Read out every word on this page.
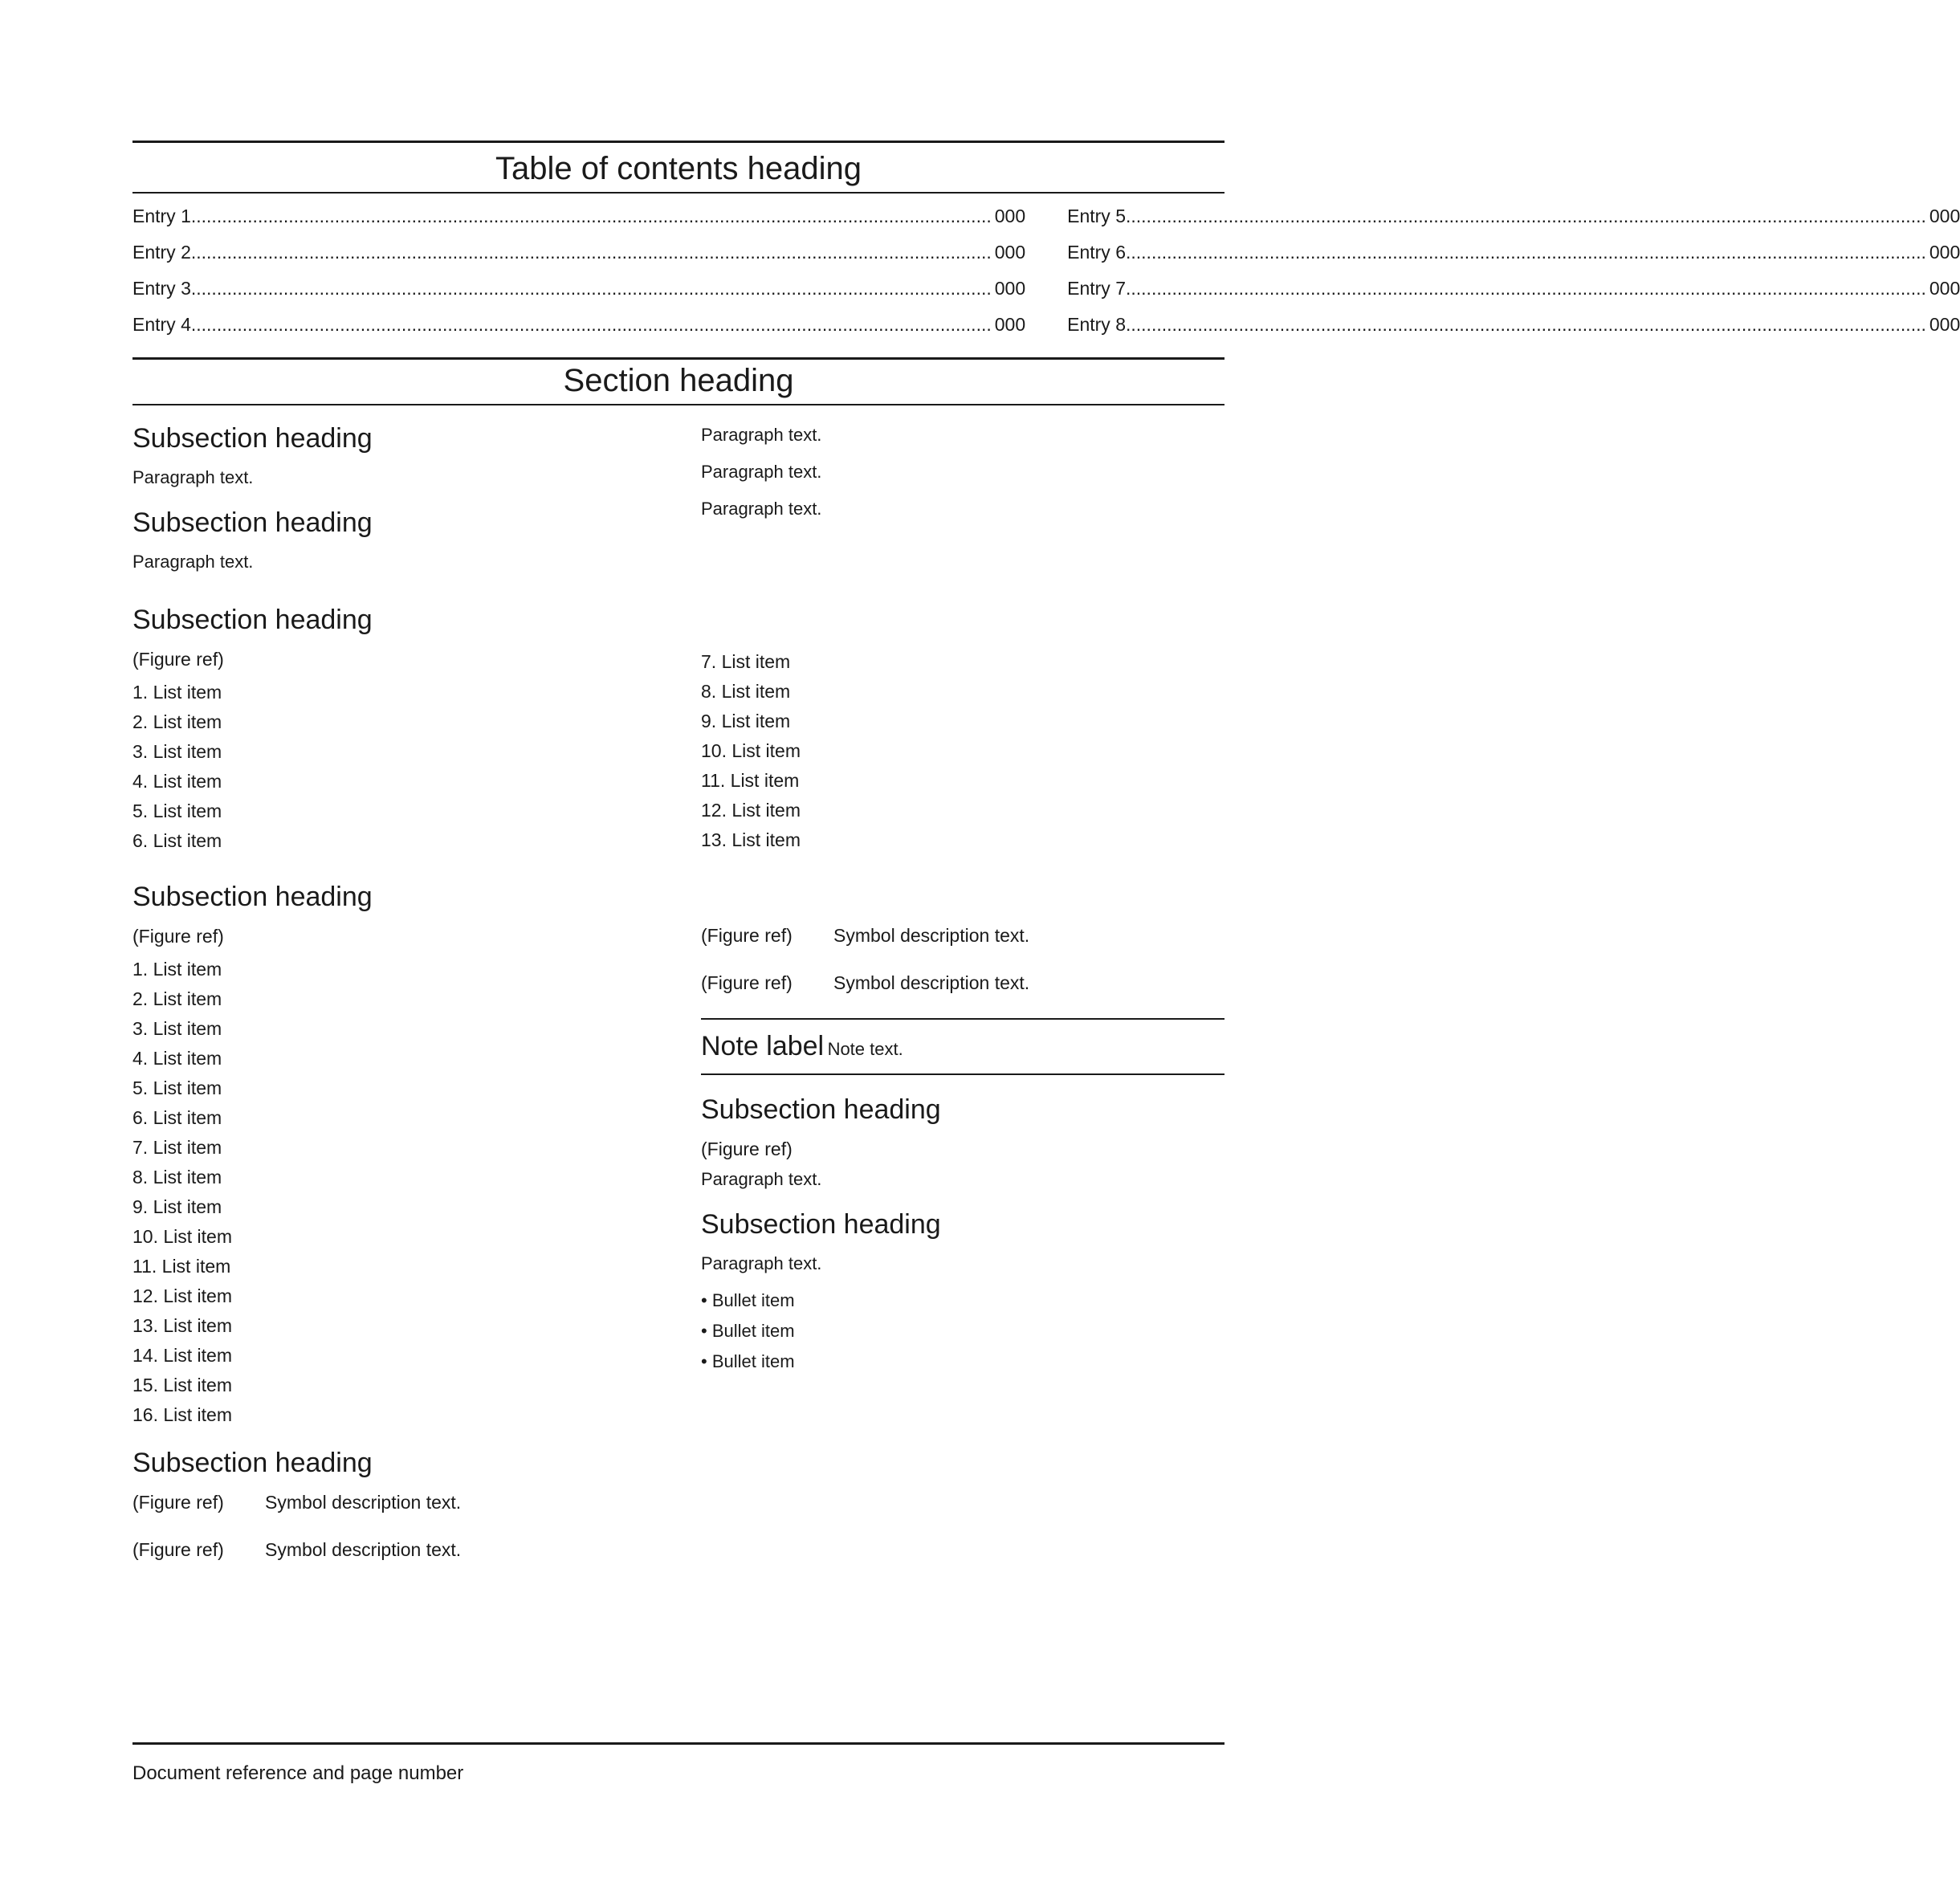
Table of contents heading
Entry 1 .....	000
Entry 2 .....	000
Entry 3 .....	000
Entry 4 .....	000
Entry 5 .....	000
Entry 6 .....	000
Entry 7 .....	000
Entry 8 .....	000
Section heading
Subsection heading

Paragraph text.

Subsection heading

Paragraph text.

Paragraph text.

Paragraph text.

Paragraph text.

Subsection heading
(Figure ref)
1. List item
2. List item
3. List item
4. List item
5. List item
6. List item
7. List item
8. List item
9. List item
10. List item
11. List item
12. List item
13. List item
Subsection heading
(Figure ref)
1. List item
2. List item
3. List item
4. List item
5. List item
6. List item
7. List item
8. List item
9. List item
10. List item
11. List item
12. List item
13. List item
14. List item
15. List item
16. List item
Subsection heading
(Figure ref)	Symbol description text.
(Figure ref)	Symbol description text.
(Figure ref)	Symbol description text.
(Figure ref)	Symbol description text.
Note label Note text.
Subsection heading
(Figure ref)

Paragraph text.

Subsection heading

Paragraph text.

• Bullet item
• Bullet item
• Bullet item
Document reference and page number
